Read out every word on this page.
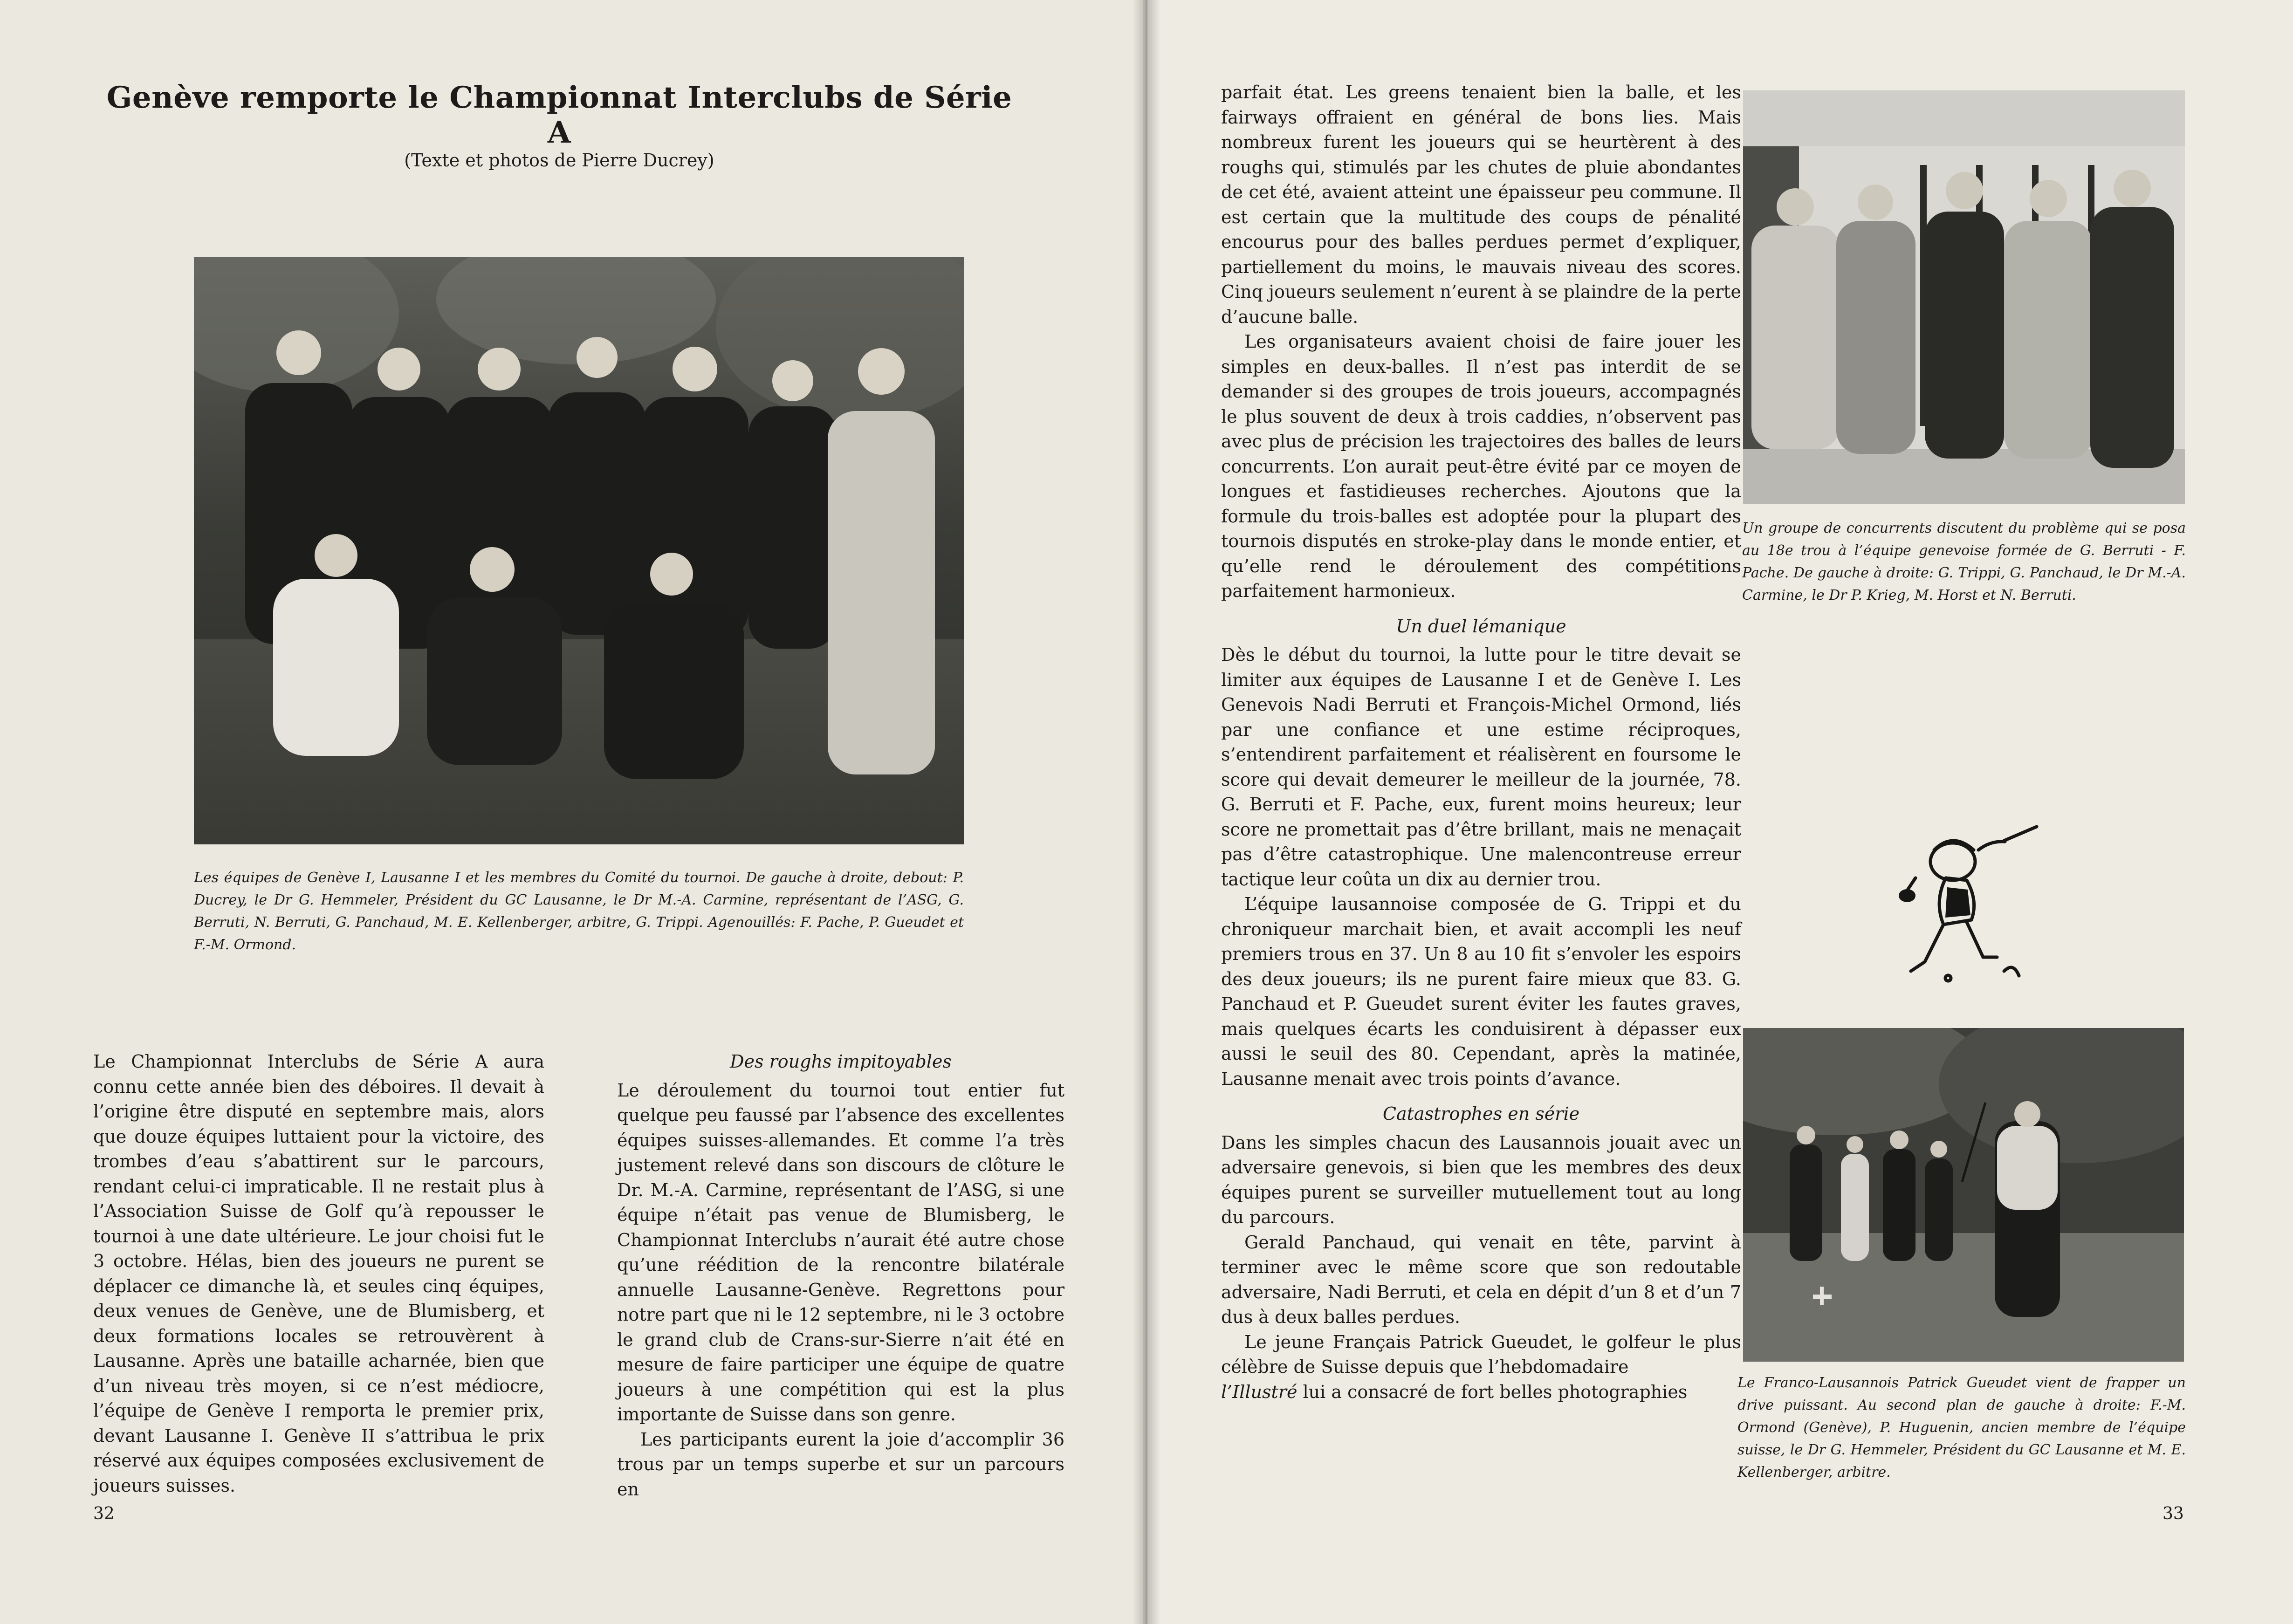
Genève remporte le Championnat Interclubs de Série A

(Texte et photos de Pierre Ducrey)

Les équipes de Genève I, Lausanne I et les membres du Comité du tournoi. De gauche à droite, debout: P. Ducrey, le Dr G. Hemmeler, Président du GC Lausanne, le Dr M.-A. Carmine, représentant de l’ASG, G. Berruti, N. Berruti, G. Panchaud, M. E. Kellenberger, arbitre, G. Trippi. Agenouillés: F. Pache, P. Gueudet et F.-M. Ormond.

Le Championnat Interclubs de Série A aura connu cette année bien des déboires. Il devait à l’origine être disputé en septembre mais, alors que douze équipes luttaient pour la victoire, des trombes d’eau s’abattirent sur le parcours, rendant celui-ci impraticable. Il ne restait plus à l’Association Suisse de Golf qu’à repousser le tournoi à une date ultérieure. Le jour choisi fut le 3 octobre. Hélas, bien des joueurs ne purent se déplacer ce dimanche là, et seules cinq équipes, deux venues de Genève, une de Blumisberg, et deux formations locales se retrouvèrent à Lausanne. Après une bataille acharnée, bien que d’un niveau très moyen, si ce n’est médiocre, l’équipe de Genève I remporta le premier prix, devant Lausanne I. Genève II s’attribua le prix réservé aux équipes composées exclusivement de joueurs suisses.

Des roughs impitoyables

Le déroulement du tournoi tout entier fut quelque peu faussé par l’absence des excellentes équipes suisses-allemandes. Et comme l’a très justement relevé dans son discours de clôture le Dr. M.-A. Carmine, représentant de l’ASG, si une équipe n’était pas venue de Blumisberg, le Championnat Interclubs n’aurait été autre chose qu’une réédition de la rencontre bilatérale annuelle Lausanne-Genève. Regrettons pour notre part que ni le 12 septembre, ni le 3 octobre le grand club de Crans-sur-Sierre n’ait été en mesure de faire participer une équipe de quatre joueurs à une compétition qui est la plus importante de Suisse dans son genre.

Les participants eurent la joie d’accomplir 36 trous par un temps superbe et sur un parcours en

32

parfait état. Les greens tenaient bien la balle, et les fairways offraient en général de bons lies. Mais nombreux furent les joueurs qui se heurtèrent à des roughs qui, stimulés par les chutes de pluie abondantes de cet été, avaient atteint une épaisseur peu commune. Il est certain que la multitude des coups de pénalité encourus pour des balles perdues permet d’expliquer, partiellement du moins, le mauvais niveau des scores. Cinq joueurs seulement n’eurent à se plaindre de la perte d’aucune balle.

Les organisateurs avaient choisi de faire jouer les simples en deux-balles. Il n’est pas interdit de se demander si des groupes de trois joueurs, accompagnés le plus souvent de deux à trois caddies, n’observent pas avec plus de précision les trajectoires des balles de leurs concurrents. L’on aurait peut-être évité par ce moyen de longues et fastidieuses recherches. Ajoutons que la formule du trois-balles est adoptée pour la plupart des tournois disputés en stroke-play dans le monde entier, et qu’elle rend le déroulement des compétitions parfaitement harmonieux.

Un duel lémanique

Dès le début du tournoi, la lutte pour le titre devait se limiter aux équipes de Lausanne I et de Genève I. Les Genevois Nadi Berruti et François-Michel Ormond, liés par une confiance et une estime réciproques, s’entendirent parfaitement et réalisèrent en foursome le score qui devait demeurer le meilleur de la journée, 78. G. Berruti et F. Pache, eux, furent moins heureux; leur score ne promettait pas d’être brillant, mais ne menaçait pas d’être catastrophique. Une malencontreuse erreur tactique leur coûta un dix au dernier trou.

L’équipe lausannoise composée de G. Trippi et du chroniqueur marchait bien, et avait accompli les neuf premiers trous en 37. Un 8 au 10 fit s’envoler les espoirs des deux joueurs; ils ne purent faire mieux que 83. G. Panchaud et P. Gueudet surent éviter les fautes graves, mais quelques écarts les conduisirent à dépasser eux aussi le seuil des 80. Cependant, après la matinée, Lausanne menait avec trois points d’avance.

Catastrophes en série

Dans les simples chacun des Lausannois jouait avec un adversaire genevois, si bien que les membres des deux équipes purent se surveiller mutuellement tout au long du parcours.

Gerald Panchaud, qui venait en tête, parvint à terminer avec le même score que son redoutable adversaire, Nadi Berruti, et cela en dépit d’un 8 et d’un 7 dus à deux balles perdues.

Le jeune Français Patrick Gueudet, le golfeur le plus célèbre de Suisse depuis que l’hebdomadaire

l’Illustré lui a consacré de fort belles photographies

Un groupe de concurrents discutent du problème qui se posa au 18e trou à l’équipe genevoise formée de G. Berruti - F. Pache. De gauche à droite: G. Trippi, G. Panchaud, le Dr M.-A. Carmine, le Dr P. Krieg, M. Horst et N. Berruti.

Le Franco-Lausannois Patrick Gueudet vient de frapper un drive puissant. Au second plan de gauche à droite: F.-M. Ormond (Genève), P. Huguenin, ancien membre de l’équipe suisse, le Dr G. Hemmeler, Président du GC Lausanne et M. E. Kellenberger, arbitre.

33
